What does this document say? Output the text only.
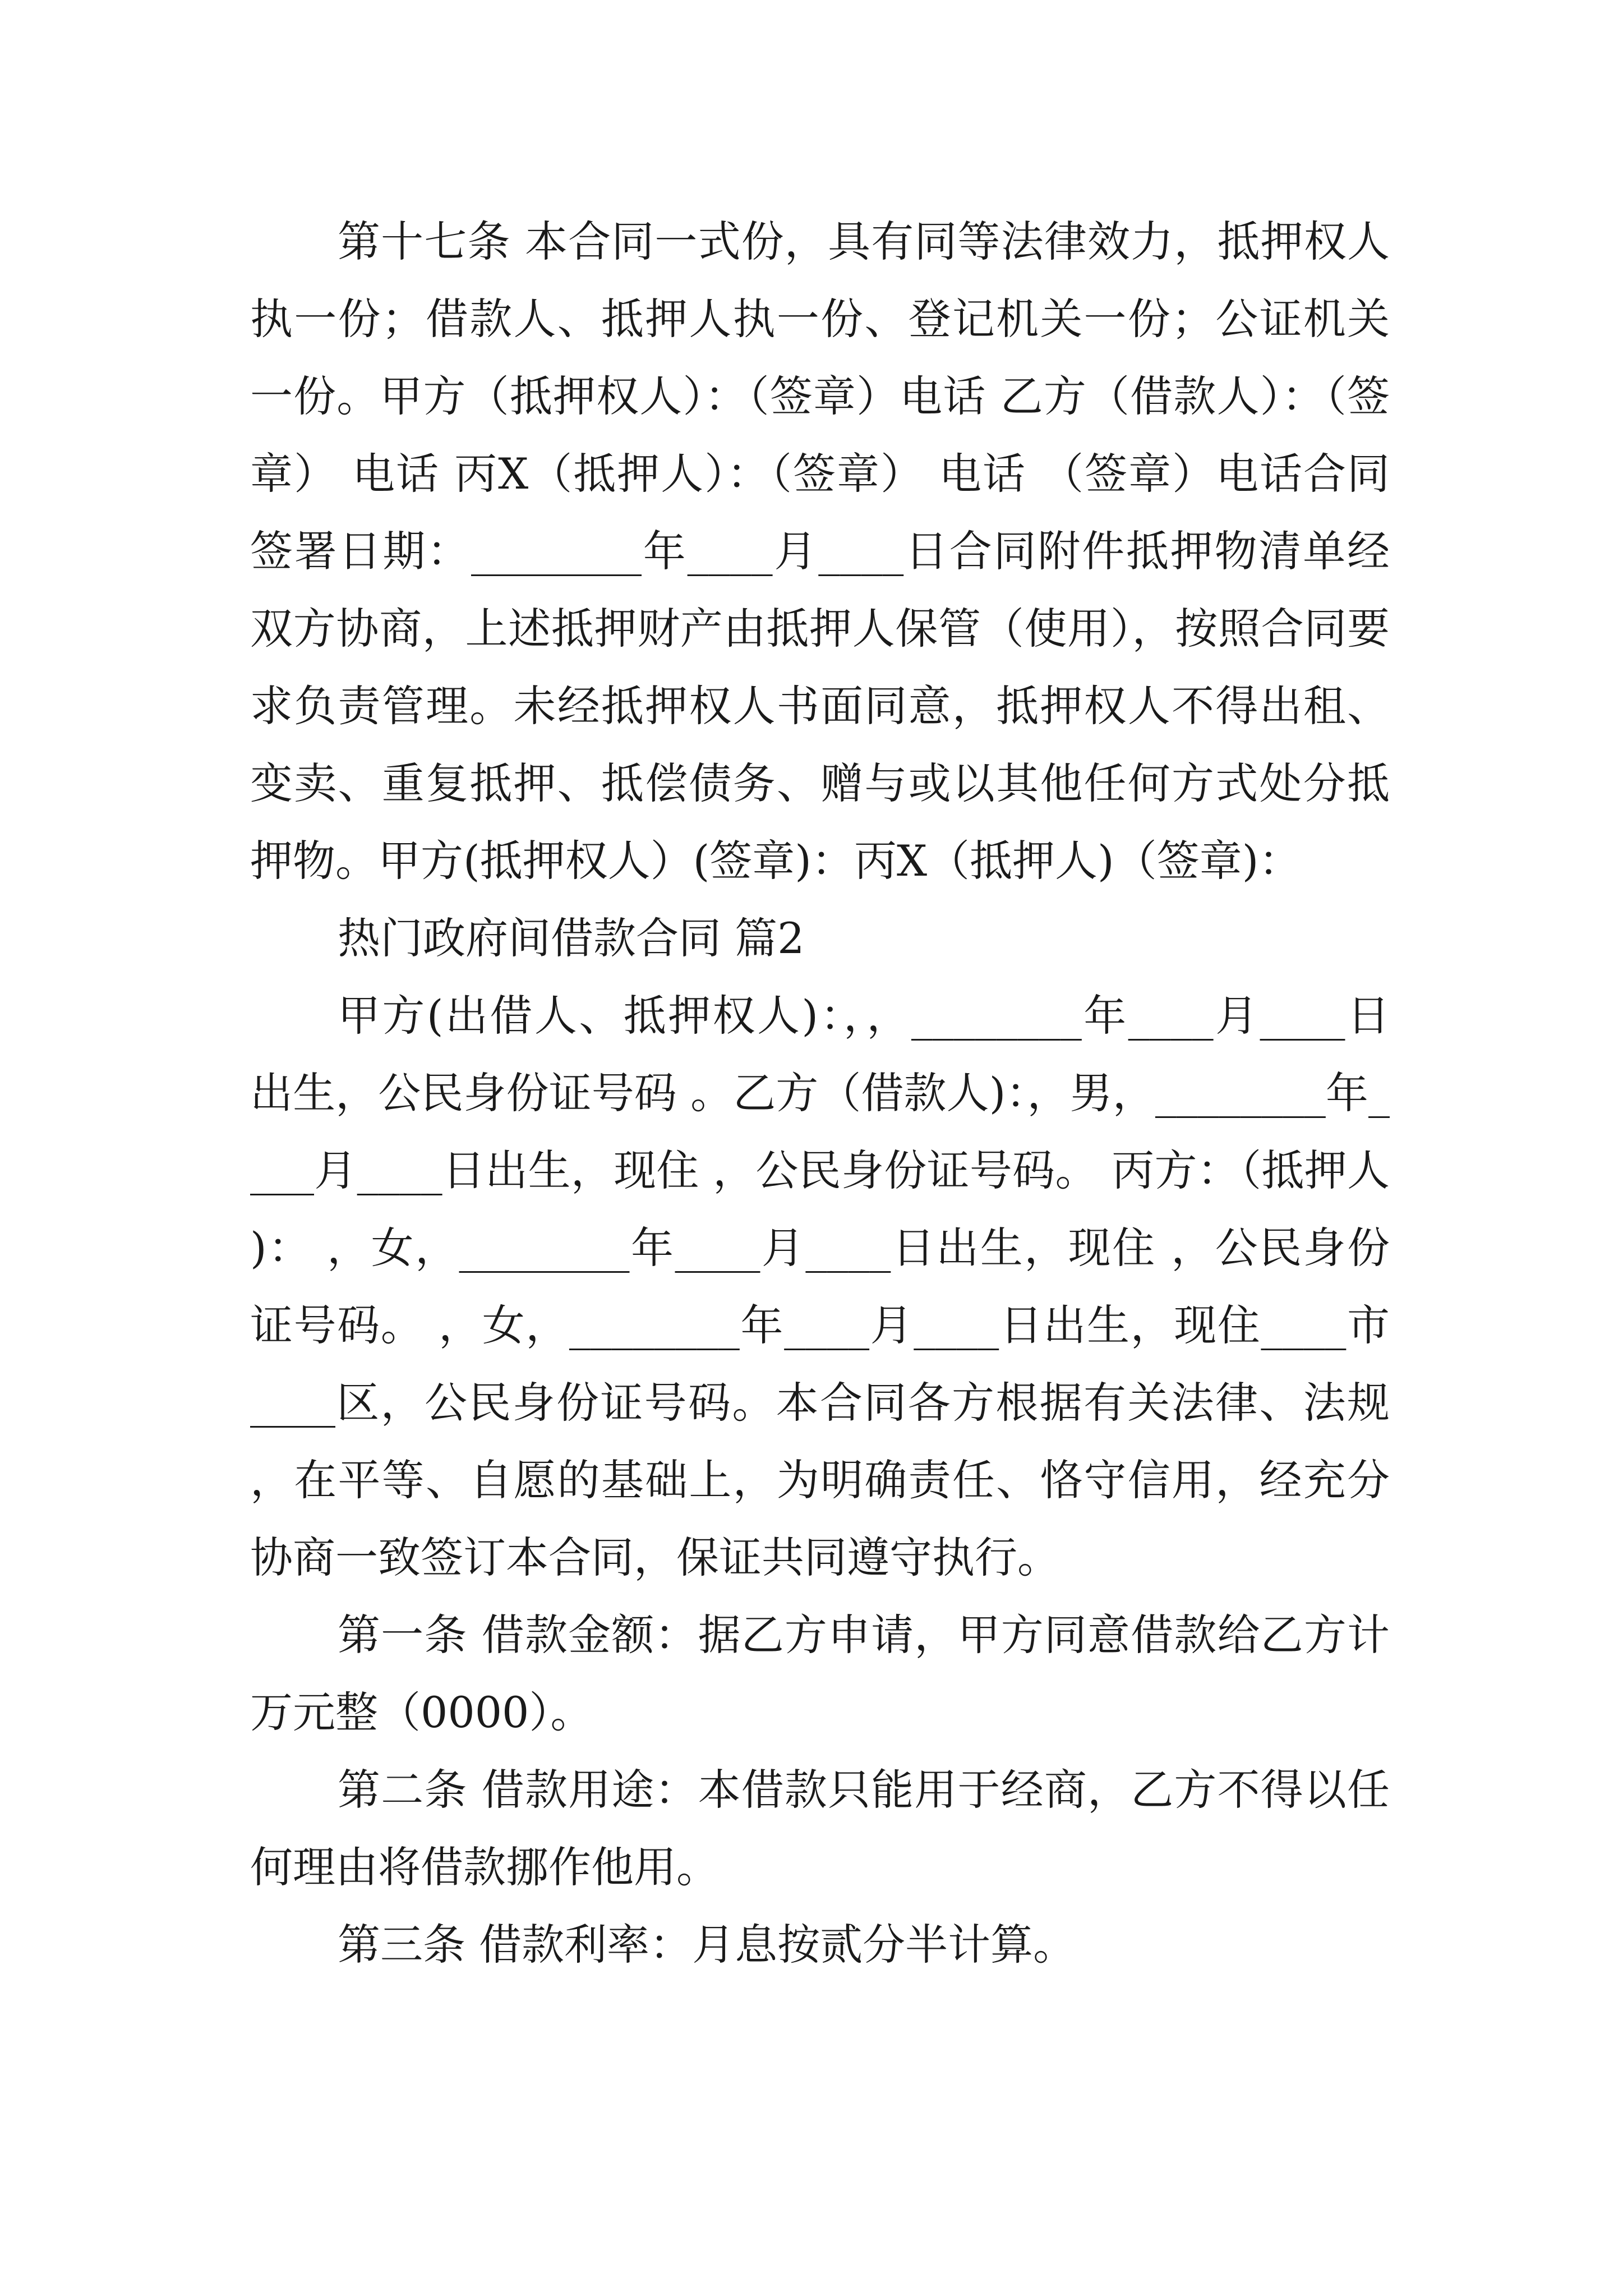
第十七条 本合同一式份，具有同等法律效力，抵押权人执一份；借款人、抵押人执一份、登记机关一份；公证机关一份。甲方（抵押权人）：（签章）电话 乙方（借款人）：（签章） 电话 丙X（抵押人）：（签章） 电话 （签章）电话合同签署日期：________年____月____日合同附件抵押物清单经双方协商，上述抵押财产由抵押人保管（使用），按照合同要求负责管理。未经抵押权人书面同意，抵押权人不得出租、变卖、重复抵押、抵偿债务、赠与或以其他任何方式处分抵押物。甲方(抵押权人）(签章)：丙X（抵押人)（签章)：

热门政府间借款合同 篇2

甲方(出借人、抵押权人)：，，________年____月____日出生，公民身份证号码 。乙方（借款人)：，男，________年____月____日出生，现住 ，公民身份证号码。 丙方：（抵押人)： ，女，________年____月____日出生，现住 ，公民身份证号码。 ，女，________年____月____日出生，现住____市____区，公民身份证号码。本合同各方根据有关法律、法规，在平等、自愿的基础上，为明确责任、恪守信用，经充分协商一致签订本合同，保证共同遵守执行。

第一条 借款金额：据乙方申请，甲方同意借款给乙方计 万元整（0000）。

第二条 借款用途：本借款只能用于经商，乙方不得以任何理由将借款挪作他用。

第三条 借款利率：月息按贰分半计算。
